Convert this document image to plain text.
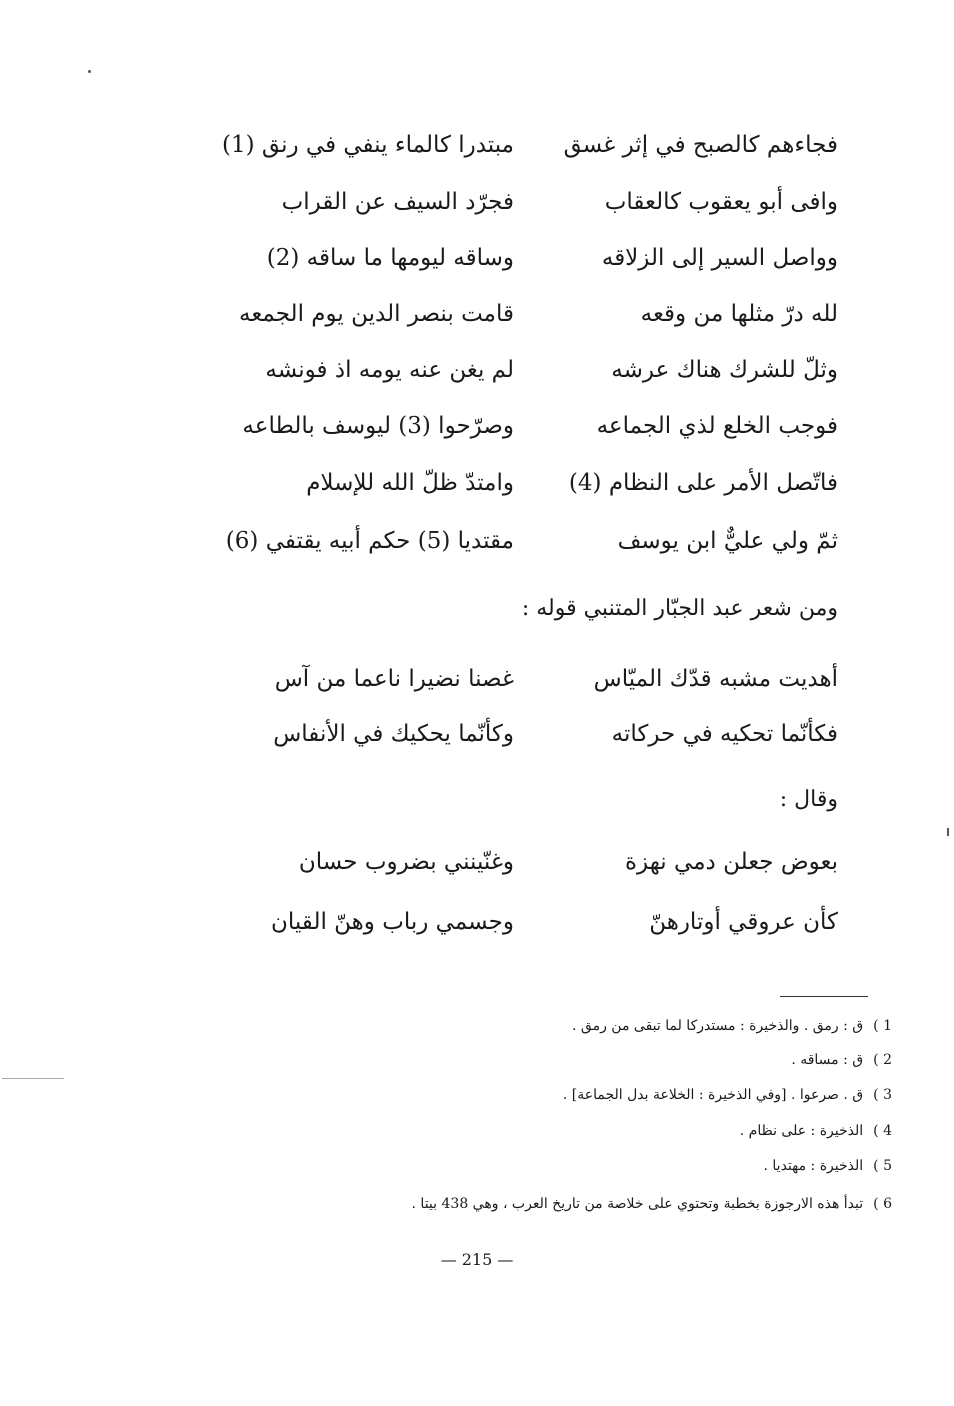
فجاءهم كالصبح في إثر غسق
مبتدرا كالماء ينفي في رنق (1)
وافى أبو يعقوب كالعقاب
فجرّد السيف عن القراب
وواصل السير إلى الزلاقه
وساقه ليومها ما ساقه (2)
لله درّ مثلها من وقعه
قامت بنصر الدين يوم الجمعه
وثلّ للشرك هناك عرشه
لم يغن عنه يومه اذ فونشه
فوجب الخلع لذي الجماعه
وصرّحوا (3) ليوسف بالطاعه
فاتّصل الأمر على النظام (4)
وامتدّ ظلّ الله للإسلام
ثمّ ولي عليٌّ ابن يوسف
مقتديا (5) حكم أبيه يقتفي (6)
ومن شعر عبد الجبّار المتنبي قوله :
أهديت مشبه قدّك الميّاس
غصنا نضيرا ناعما من آس
فكأنّما تحكيه في حركاته
وكأنّما يحكيك في الأنفاس
وقال :
بعوض جعلن دمي نهزة
وغنّينني بضروب حسان
كأن عروقي أوتارهنّ
وجسمي رباب وهنّ القيان
1 )ق : رمق . والذخيرة : مستدركا لما تبقى من رمق .
2 )ق : مساقه .
3 )ق . صرعوا . [وفي الذخيرة : الخلاعة بدل الجماعة] .
4 )الذخيرة : على نظام .
5 )الذخيرة : مهتديا .
6 )تبدأ هذه الارجوزة بخطبة وتحتوي على خلاصة من تاريخ العرب ، وهي 438 بيتا .
— 215 —
